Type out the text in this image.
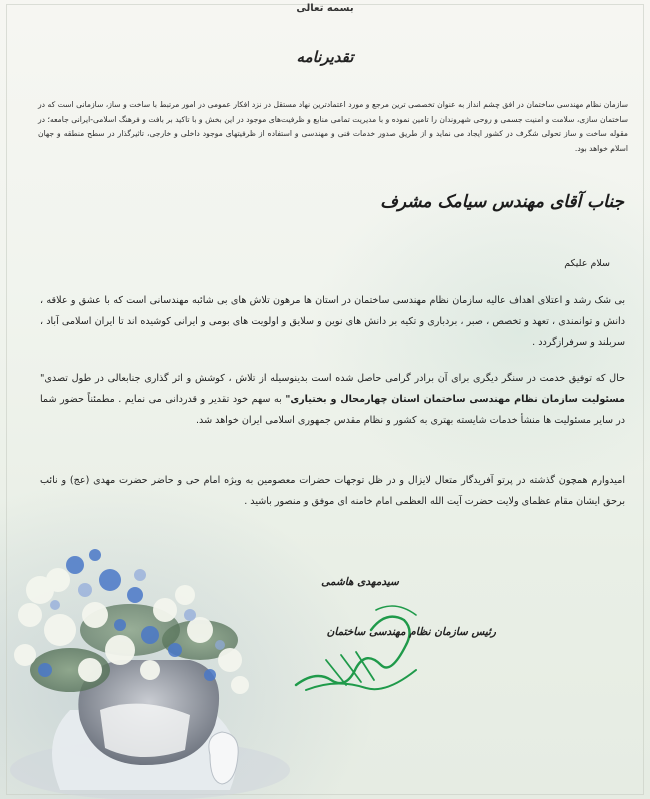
بسمه تعالی
تقدیرنامه
سازمان نظام مهندسی ساختمان در افق چشم انداز به عنوان تخصصی ترین مرجع و مورد اعتمادترین نهاد مستقل در نزد افکار عمومی در امور مرتبط با ساخت و ساز، سازمانی است که در ساختمان سازی، سلامت و امنیت جسمی و روحی شهروندان را تامین نموده و با مدیریت تمامی منابع و ظرفیت‌های موجود در این بخش و با تاکید بر بافت و فرهنگ اسلامی-ایرانی جامعه؛ در مقوله ساخت و ساز تحولی شگرف در کشور ایجاد می نماید و از طریق صدور خدمات فنی و مهندسی و استفاده از ظرفیتهای موجود داخلی و خارجی، تاثیرگذار در سطح منطقه و جهان اسلام خواهد بود.
جناب آقای مهندس سیامک مشرف
سلام علیکم
بی شک رشد و اعتلای اهداف عالیه سازمان نظام مهندسی ساختمان در استان ها مرهون تلاش های بی شائبه مهندسانی است که با عشق و علاقه ، دانش و توانمندی ، تعهد و تخصص ، صبر ، بردباری و تکیه بر دانش های نوین و سلایق و اولویت های بومی و ایرانی کوشیده اند تا ایران اسلامی آباد ، سربلند و سرفرازگردد .
حال که توفیق خدمت در سنگر دیگری برای آن برادر گرامی حاصل شده است بدینوسیله از تلاش ، کوشش و اثر گذاری جنابعالی در طول تصدی" مسئولیت سازمان نظام مهندسی ساختمان استان چهارمحال و بختیاری" به سهم خود تقدیر و قدردانی می نمایم . مطمئناً حضور شما در سایر مسئولیت ها منشأ خدمات شایسته بهتری به کشور و نظام مقدس جمهوری اسلامی ایران خواهد شد.
امیدوارم همچون گذشته در پرتو آفریدگار متعال لایزال و در ظل توجهات حضرات معصومین به ویژه امام حی و حاضر حضرت مهدی (عج) و نائب برحق ایشان مقام عظمای ولایت حضرت آیت الله العظمی امام خامنه ای موفق و منصور باشید .
سیدمهدی هاشمی
رئیس سازمان نظام مهندسی ساختمان
